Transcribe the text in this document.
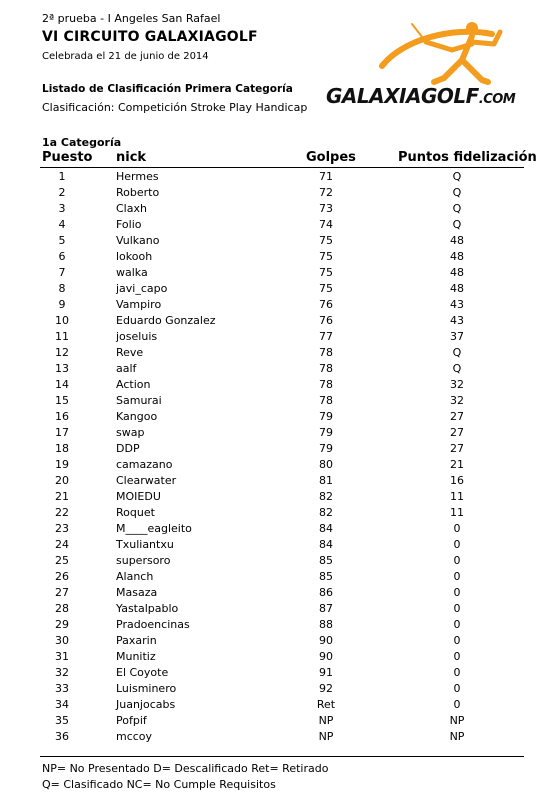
2ª prueba - I Angeles San Rafael
VI CIRCUITO GALAXIAGOLF
Celebrada el 21 de junio de 2014
Listado de Clasificación Primera Categoría
Clasificación: Competición Stroke Play Handicap
1a Categoría
GALAXIAGOLF.COM
Puesto nick	Golpes	Puntos fidelización
1	Hermes	71	Q
2	Roberto	72	Q
3	Claxh	73	Q
4	Folio	74	Q
5	Vulkano	75	48
6	lokooh	75	48
7	walka	75	48
8	javi_capo	75	48
9	Vampiro	76	43
10	Eduardo Gonzalez	76	43
11	joseluis	77	37
12	Reve	78	Q
13	aalf	78	Q
14	Action	78	32
15	Samurai	78	32
16	Kangoo	79	27
17	swap	79	27
18	DDP	79	27
19	camazano	80	21
20	Clearwater	81	16
21	MOIEDU	82	11
22	Roquet	82	11
23	M____eagleito	84	0
24	Txuliantxu	84	0
25	supersoro	85	0
26	Alanch	85	0
27	Masaza	86	0
28	Yastalpablo	87	0
29	Pradoencinas	88	0
30	Paxarin	90	0
31	Munitiz	90	0
32	El Coyote	91	0
33	Luisminero	92	0
34	Juanjocabs	Ret	0
35	Pofpif	NP	NP
36	mccoy	NP	NP
NP= No Presentado D= Descalificado Ret= Retirado
Q= Clasificado NC= No Cumple Requisitos
